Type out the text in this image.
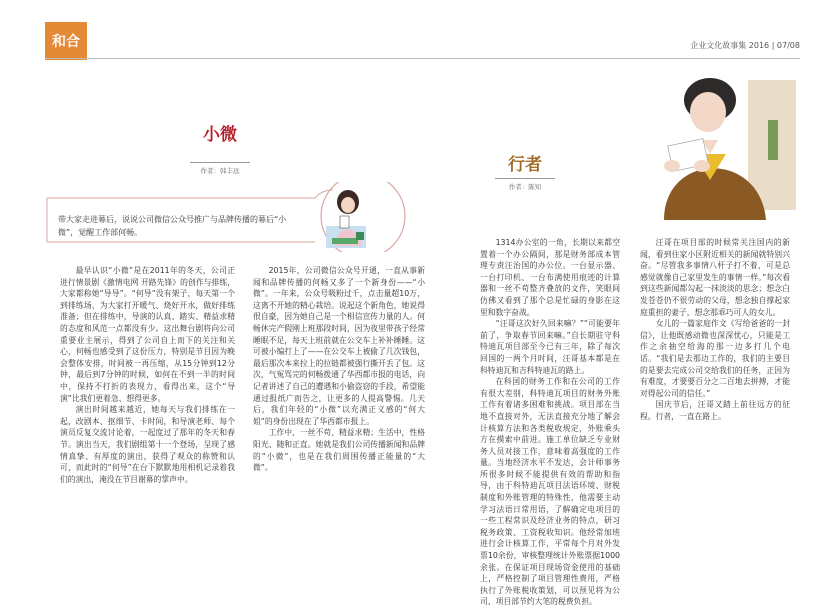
和合	企业文化故事集 2016 | 07/08
小微
作者：韩丰远
带大家走进幕后，说说公司微信公众号推广与品牌传播的幕后“小微”，觉醒工作部何畅。

最早认识“小微”是在2011年的冬天，公司正进行情景剧《激情电网 开路先锋》的创作与排练，大家都称她“导导”。“何导”没有架子，每天第一个到排练场，为大家打开暖气、烧好开水，做好排练准备；但在排练中，导演的认真、踏实、精益求精的态度和风范一点都没有少。这出舞台剧将向公司重要业主展示，得到了公司自上而下的关注和关心，何畅也感受到了这份压力，特别是节目因为晚会整体安排，时间被一再压缩，从15分钟到12分钟，最后到7分钟的时候，如何在不到一半的时间中，保持不打折的表现力，看得出来，这个“导演”比我们更着急、想得更多。

演出时间越来越近，她每天与我们排练在一起，改剧本、抠细节、卡时间，和导演老师、每个演员反复交流讨论着，一起度过了那年的冬天和春节。演出当天，我们剧组第十一个登场，呈现了感情真挚、有厚度的演出，获得了观众的称赞和认可，而此时的“何导”在台下默默地用相机记录着我们的演出，淹没在节目谢幕的掌声中。

2015年，公司微信公众号开通，一直从事新闻和品牌传播的何畅又多了一个新身份——“小微”。一年来，公众号吸粉过千，点击量超10万，这离不开她的精心栽培。说起这个新角色，她说得很自豪，因为她自己是一个相信宣传力量的人。何畅休完产假刚上班那段时间，因为夜里带孩子经常睡眠不足，每天上班前就在公交车上补补睡睡。这可被小编打上了——在公交车上被偷了几次钱包，最后那次本来拉上的拉链都被强行撕开丢了包。这次，气冤骂完的何畅拨通了华西都市报的电话，向记者讲述了自己的遭遇和小偷盗窃的手段，希望能通过报纸广而告之，让更多的人提高警惕。几天后，我们年轻的“小微”以充满正义感的“何大姐”的身份出现在了华西都市报上。

工作中，一丝不苟、精益求精；生活中，性格阳光、随和正直。她就是我们公司传播新闻和品牌的“小微”，也是在我们周围传播正能量的“大微”。

行者
作者：陈知

1314办公室的一角，长期以来都空置着一个办公隔间，那是财务部成本管理专责汪治国的办公位。一台显示器、一台打印机、一台布满使用痕迹的计算器和一丝不苟整齐叠放的文件，笑眼间仿佛又看到了那个总是忙碌的身影在这里和数字奋战。

“汪哥这次好久回来嘛？”“可能要年前了，争取春节回来嘛。”自长期驻守科特迪瓦项目部至今已有三年，除了每次回国的一两个月时间，汪哥基本都是在科特迪瓦和吉科特迪瓦的路上。

在科国的财务工作和在公司的工作有很大差别，科特迪瓦项目的财务外账工作有着诸多困难和挑战。项目部在当地不直接对外，无法直接充分地了解会计核算方法和各类税收规定，外账乘头方在摸索中前进。施工单位缺乏专业财务人员对接工作，意味着高强度的工作量。当地经济水平不发达，会计师事务所很多时候不能提供有效的帮助和指导，由于科特迪瓦项目法语环境、财税制度和外账管理的特殊性，他需要主动学习法语日常用语，了解确定电项目的一些工程常识及经济业务的特点，研习税务政策、工资税收知识。他经常加班进行会计核算工作，平常每个月对外发票10余份，审核整理统计外账票据1000余张。在保证项目现场资金使用的基础上，严格控制了项目管理性费用，严格执行了外账税收策划，可以预见将为公司、项目部节约大笔的税费负担。

汪哥在项目部的时候常关注国内的新闻，看到住家小区附近相关的新闻就特别兴奋。“尽管我多事情八杆子打不着，可是总感觉就像自己家里发生的事情一样。”每次看到这些新闻都勾起一抹淡淡的思念；想念白发苍苍仍不很劳动的父母，想念独自撑起家庭重担的妻子，想念那乖巧可人的女儿。

女儿的一篇家庭作文《写给爸爸的一封信》，让他既感动微也深深忧心，只能是工作之余抽空给海的那一边多打几个电话。“我们是去那边工作的，我们的主要目的是要去完成公司交给我们的任务，正因为有难度，才要要百分之二百地去拼搏，才能对得起公司的信任。”

国庆节后，汪哥又踏上前往远方的征程。行者，一直在路上。
